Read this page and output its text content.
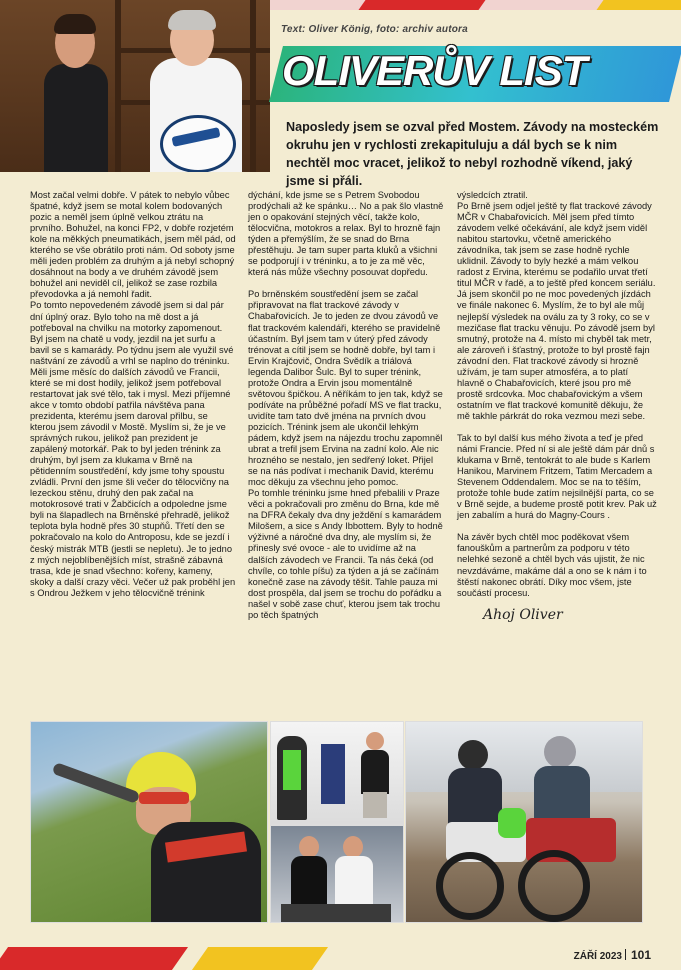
Text: Oliver König, foto: archiv autora
OLIVERŮV LIST
Naposledy jsem se ozval před Mostem. Závody na mosteckém okruhu jen v rychlosti zrekapituluju a dál bych se k nim nechtěl moc vracet, jelikož to nebyl rozhodně víkend, jaký jsme si přáli.

Most začal velmi dobře. V pátek to nebylo vůbec špatné, když jsem se motal kolem bodovaných pozic a neměl jsem úplně velkou ztrátu na prvního. Bohužel, na konci FP2, v dobře rozjetém kole na měkkých pneumatikách, jsem měl pád, od kterého se vše obrátilo proti nám. Od soboty jsme měli jeden problém za druhým a já nebyl schopný dosáhnout na body a ve druhém závodě jsem bohužel ani neviděl cíl, jelikož se zase rozbila převodovka a já nemohl řadit.
Po tomto nepovedeném závodě jsem si dal pár dní úplný oraz. Bylo toho na mě dost a já potřeboval na chvilku na motorky zapomenout. Byl jsem na chatě u vody, jezdil na jet surfu a bavil se s kamarády. Po týdnu jsem ale využil své naštvání ze závodů a vrhl se naplno do tréninku. Měli jsme měsíc do dalších závodů ve Francii, které se mi dost hodily, jelikož jsem potřeboval restartovat jak své tělo, tak i mysl. Mezi příjemné akce v tomto období patřila návštěva pana prezidenta, kterému jsem daroval přilbu, se kterou jsem závodil v Mostě. Myslím si, že je ve správných rukou, jelikož pan prezident je zapálený motorkář. Pak to byl jeden trénink za druhým, byl jsem za klukama v Brně na pětidenním soustředění, kdy jsme tohy spoustu zvládli. První den jsme šli večer do tělocvičny na lezeckou stěnu, druhý den pak začal na motokrosové trati v Žabčicích a odpoledne jsme byli na šlapadlech na Brněnské přehradě, jelikož teplota byla hodně přes 30 stupňů. Třetí den se pokračovalo na kolo do Antroposu, kde se jezdí i český mistrák MTB (jestli se nepletu). Je to jedno z mých nejoblíbenějších míst, strašně zábavná trasa, kde je snad všechno: kořeny, kameny, skoky a další crazy věci. Večer už pak proběhl jen s Ondrou Ježkem v jeho tělocvičně trénink

dýchání, kde jsme se s Petrem Svobodou prodýchali až ke spánku… No a pak šlo vlastně jen o opakování stejných věcí, takže kolo, tělocvična, motokros a relax. Byl to hrozně fajn týden a přemýšlím, že se snad do Brna přestěhuju. Je tam super parta kluků a všichni se podporují i v tréninku, a to je za mě věc, která nás může všechny posouvat dopředu.

Po brněnském soustředění jsem se začal připravovat na flat trackové závody v Chabařovicích. Je to jeden ze dvou závodů ve flat trackovém kalendáři, kterého se pravidelně účastním. Byl jsem tam v úterý před závody trénovat a cítil jsem se hodně dobře, byl tam i Ervin Krajčovič, Ondra Svědík a triálová legenda Dalibor Šulc. Byl to super trénink, protože Ondra a Ervin jsou momentálně světovou špičkou. A něříkám to jen tak, když se podíváte na průběžné pořadí MS ve flat tracku, uvidíte tam tato dvě jména na prvních dvou pozicích. Trénink jsem ale ukončil lehkým pádem, když jsem na nájezdu trochu zapomněl ubrat a trefil jsem Ervina na zadní kolo. Ale nic hrozného se nestalo, jen sedřený loket. Přijel se na nás podívat i mechanik David, kterému moc děkuju za všechnu jeho pomoc.
Po tomhle tréninku jsme hned přebalili v Praze věci a pokračovali pro změnu do Brna, kde mě na DFRA čekaly dva dny ježdění s kamarádem Milošem, a sice s Andy Ibbottem. Byly to hodně výživné a náročné dva dny, ale myslím si, že přinesly své ovoce - ale to uvidíme až na dalších závodech ve Francii. Ta nás čeká (od chvíle, co tohle píšu) za týden a já se začínám konečně zase na závody těšit. Tahle pauza mi dost prospěla, dal jsem se trochu do pořádku a našel v sobě zase chuť, kterou jsem tak trochu po těch špatných

výsledcích ztratil.
Po Brně jsem odjel ještě ty flat trackové závody MČR v Chabařovicích. Měl jsem před tímto závodem velké očekávání, ale když jsem viděl nabitou startovku, včetně amerického závodníka, tak jsem se zase hodně rychle uklidnil. Závody to byly hezké a mám velkou radost z Ervina, kterému se podařilo urvat třetí titul MČR v řadě, a to ještě před koncem seriálu. Já jsem skončil po ne moc povedených jízdách ve finále nakonec 6. Myslím, že to byl ale můj nejlepší výsledek na oválu za ty 3 roky, co se v mezičase flat tracku věnuju. Po závodě jsem byl smutný, protože na 4. místo mi chyběl tak metr, ale zároveň i šťastný, protože to byl prostě fajn závodní den. Flat trackové závody si hrozně užívám, je tam super atmosféra, a to platí hlavně o Chabařovicích, které jsou pro mě prostě srdcovka. Moc chabařovickým a všem ostatním ve flat trackové komunitě děkuju, že mě takhle párkrát do roka vezmou mezi sebe.

Tak to byl další kus mého života a teď je před námi Francie. Před ní si ale ještě dám pár dnů s klukama v Brně, tentokrát to ale bude s Karlem Hanikou, Marvinem Fritzem, Tatim Mercadem a Stevenem Oddendalem. Moc se na to těším, protože tohle bude zatím nejsilnější parta, co se v Brně sejde, a budeme prostě potit krev. Pak už jen zabalím a hurá do Magny-Cours .

Na závěr bych chtěl moc poděkovat všem fanouškům a partnerům za podporu v této nelehké sezoně a chtěl bych vás ujistit, že nic nevzdáváme, makáme dál a ono se k nám i to štěstí nakonec obrátí. Díky moc všem, jste součástí procesu.

Ahoj Oliver
ZÁŘÍ 2023 101
